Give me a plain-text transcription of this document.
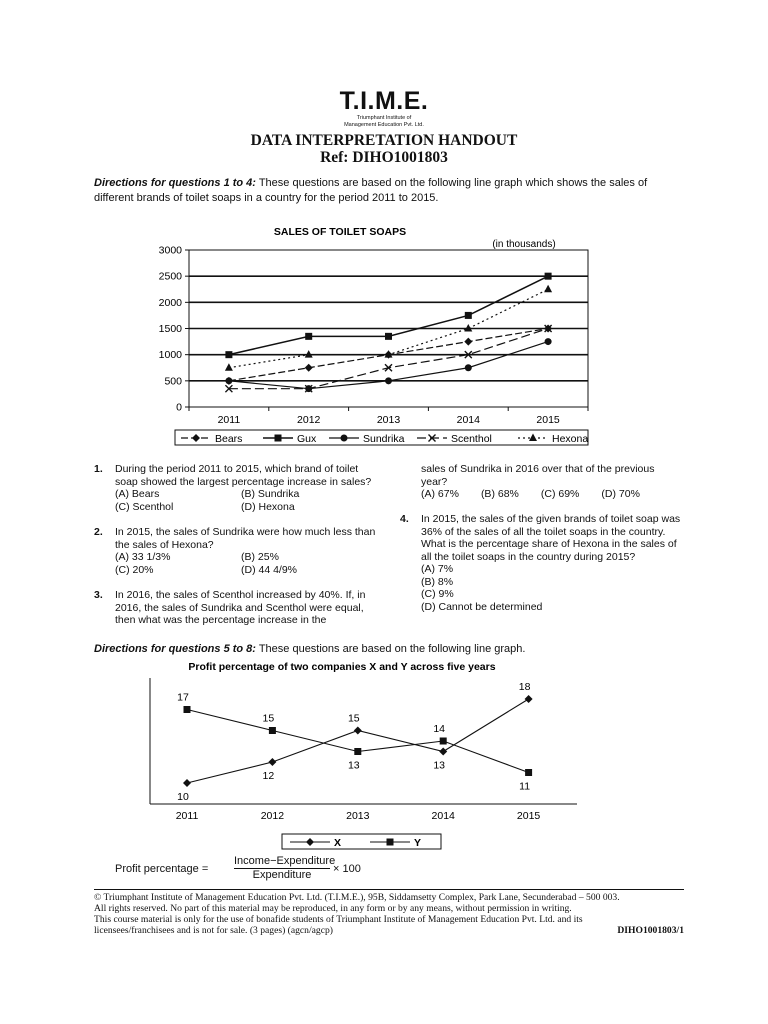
T.I.M.E.
Triumphant Institute of
Management Education Pvt. Ltd.
DATA INTERPRETATION HANDOUT
Ref: DIHO1001803
Directions for questions 1 to 4: These questions are based on the following line graph which shows the sales of different brands of toilet soaps in a country for the period 2011 to 2015.
SALES OF TOILET SOAPS
(in thousands)
0
500
1000
1500
2000
2500
3000
2011	2012	2013	2014	2015
Bears	Gux	Sundrika	Scenthol	Hexona
1. During the period 2011 to 2015, which brand of toilet soap showed the largest percentage increase in sales?
(A) Bears	(B) Sundrika
(C) Scenthol	(D) Hexona
2. In 2015, the sales of Sundrika were how much less than the sales of Hexona?
(A) 33 1/3%	(B) 25%
(C) 20%	(D) 44 4/9%
3. In 2016, the sales of Scenthol increased by 40%. If, in 2016, the sales of Sundrika and Scenthol were equal, then what was the percentage increase in the
sales of Sundrika in 2016 over that of the previous year?
(A) 67% (B) 68% (C) 69% (D) 70%
4. In 2015, the sales of the given brands of toilet soap was 36% of the sales of all the toilet soaps in the country. What is the percentage share of Hexona in the sales of all the toilet soaps in the country during 2015?
(A) 7%
(B) 8%
(C) 9%
(D) Cannot be determined
Directions for questions 5 to 8: These questions are based on the following line graph.
Profit percentage of two companies X and Y across five years
2011	2012	2013	2014	2015
10
12
15
13
18
17
15
13
14
11
X	Y
Profit percentage =
Income−Expenditure
Expenditure	× 100
© Triumphant Institute of Management Education Pvt. Ltd. (T.I.M.E.), 95B, Siddamsetty Complex, Park Lane, Secunderabad – 500 003.
All rights reserved. No part of this material may be reproduced, in any form or by any means, without permission in writing.
This course material is only for the use of bonafide students of Triumphant Institute of Management Education Pvt. Ltd. and its
licensees/franchisees and is not for sale. (3 pages) (agcn/agcp)	DIHO1001803/1
